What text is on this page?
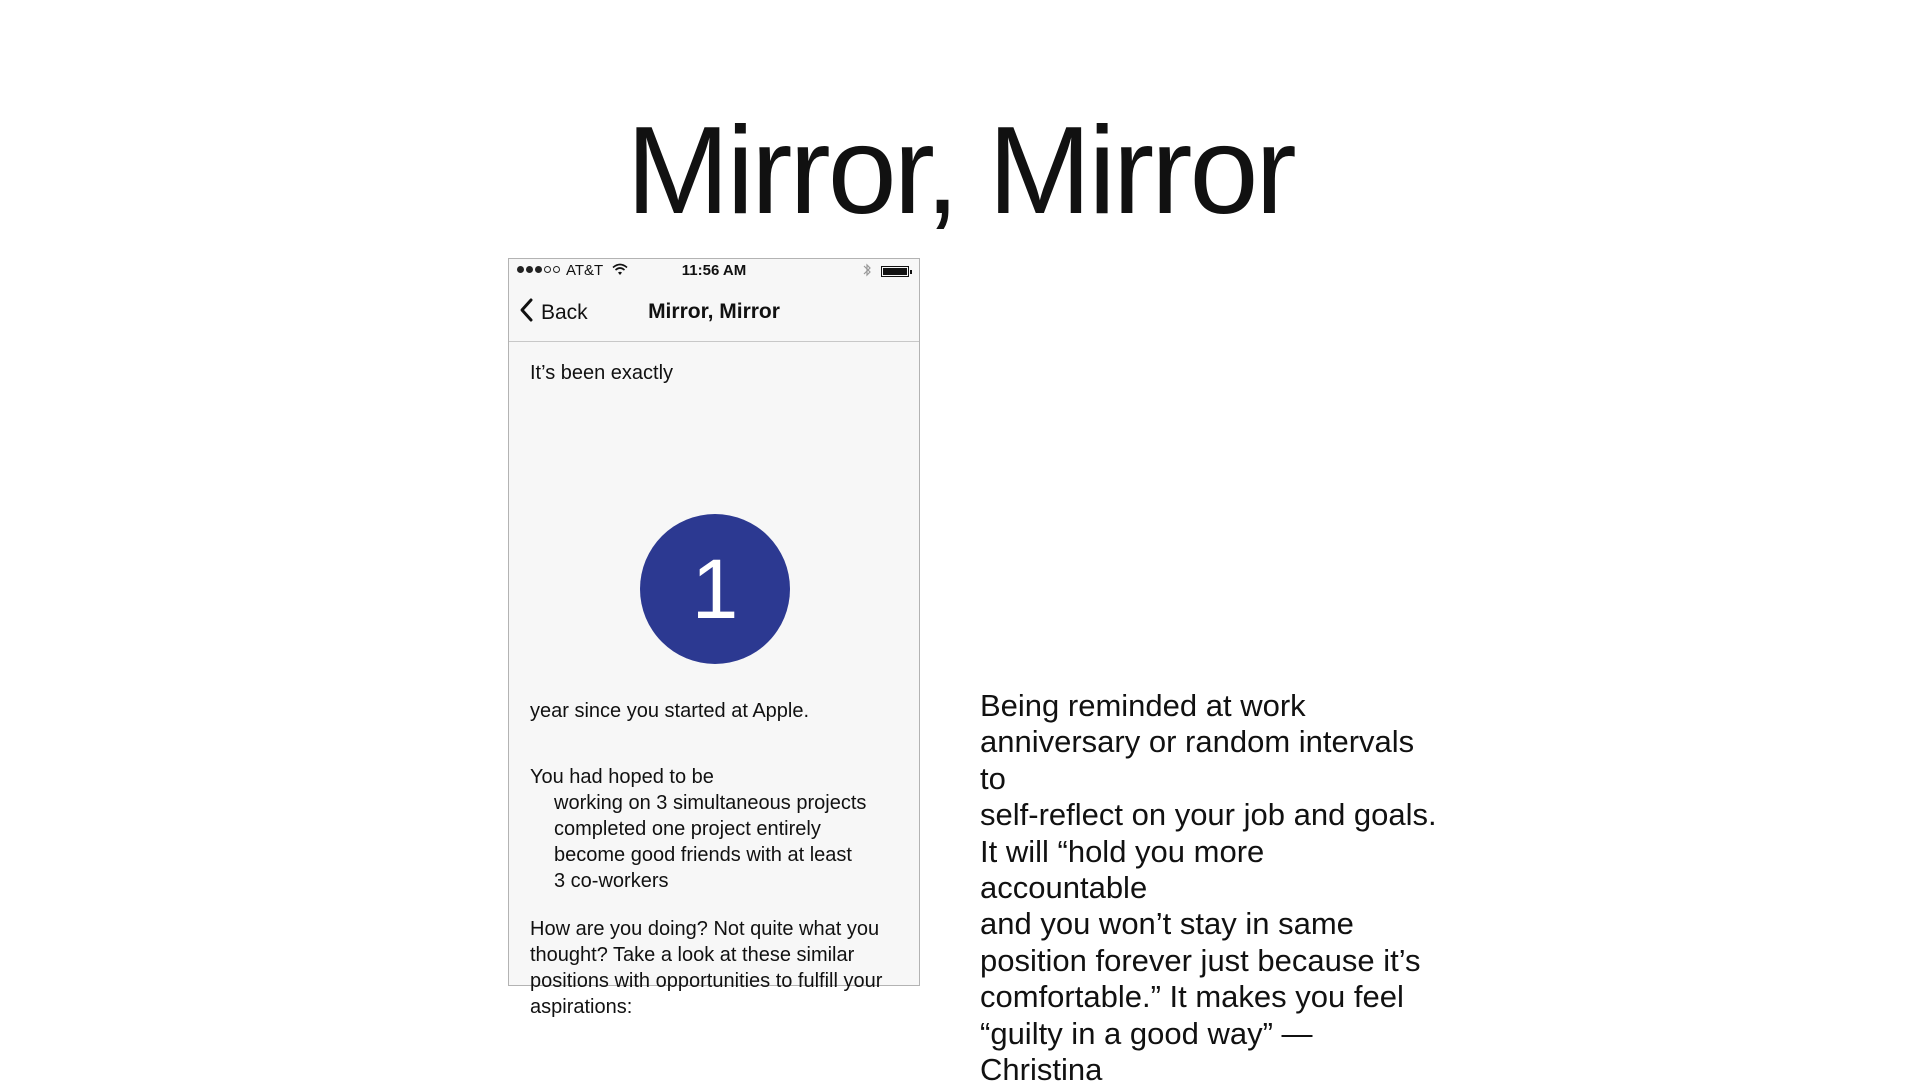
Mirror, Mirror
AT&T	11:56 AM
Back	Mirror, Mirror
It’s been exactly
1
year since you started at Apple.
You had hoped to be
working on 3 simultaneous projects
completed one project entirely
become good friends with at least
3 co-workers
How are you doing? Not quite what you thought? Take a look at these similar positions with opportunities to fulfill your aspirations:
Being reminded at work
anniversary or random intervals to
self-reflect on your job and goals.
It will “hold you more accountable
and you won’t stay in same
position forever just because it’s
comfortable.” It makes you feel
“guilty in a good way” — Christina
